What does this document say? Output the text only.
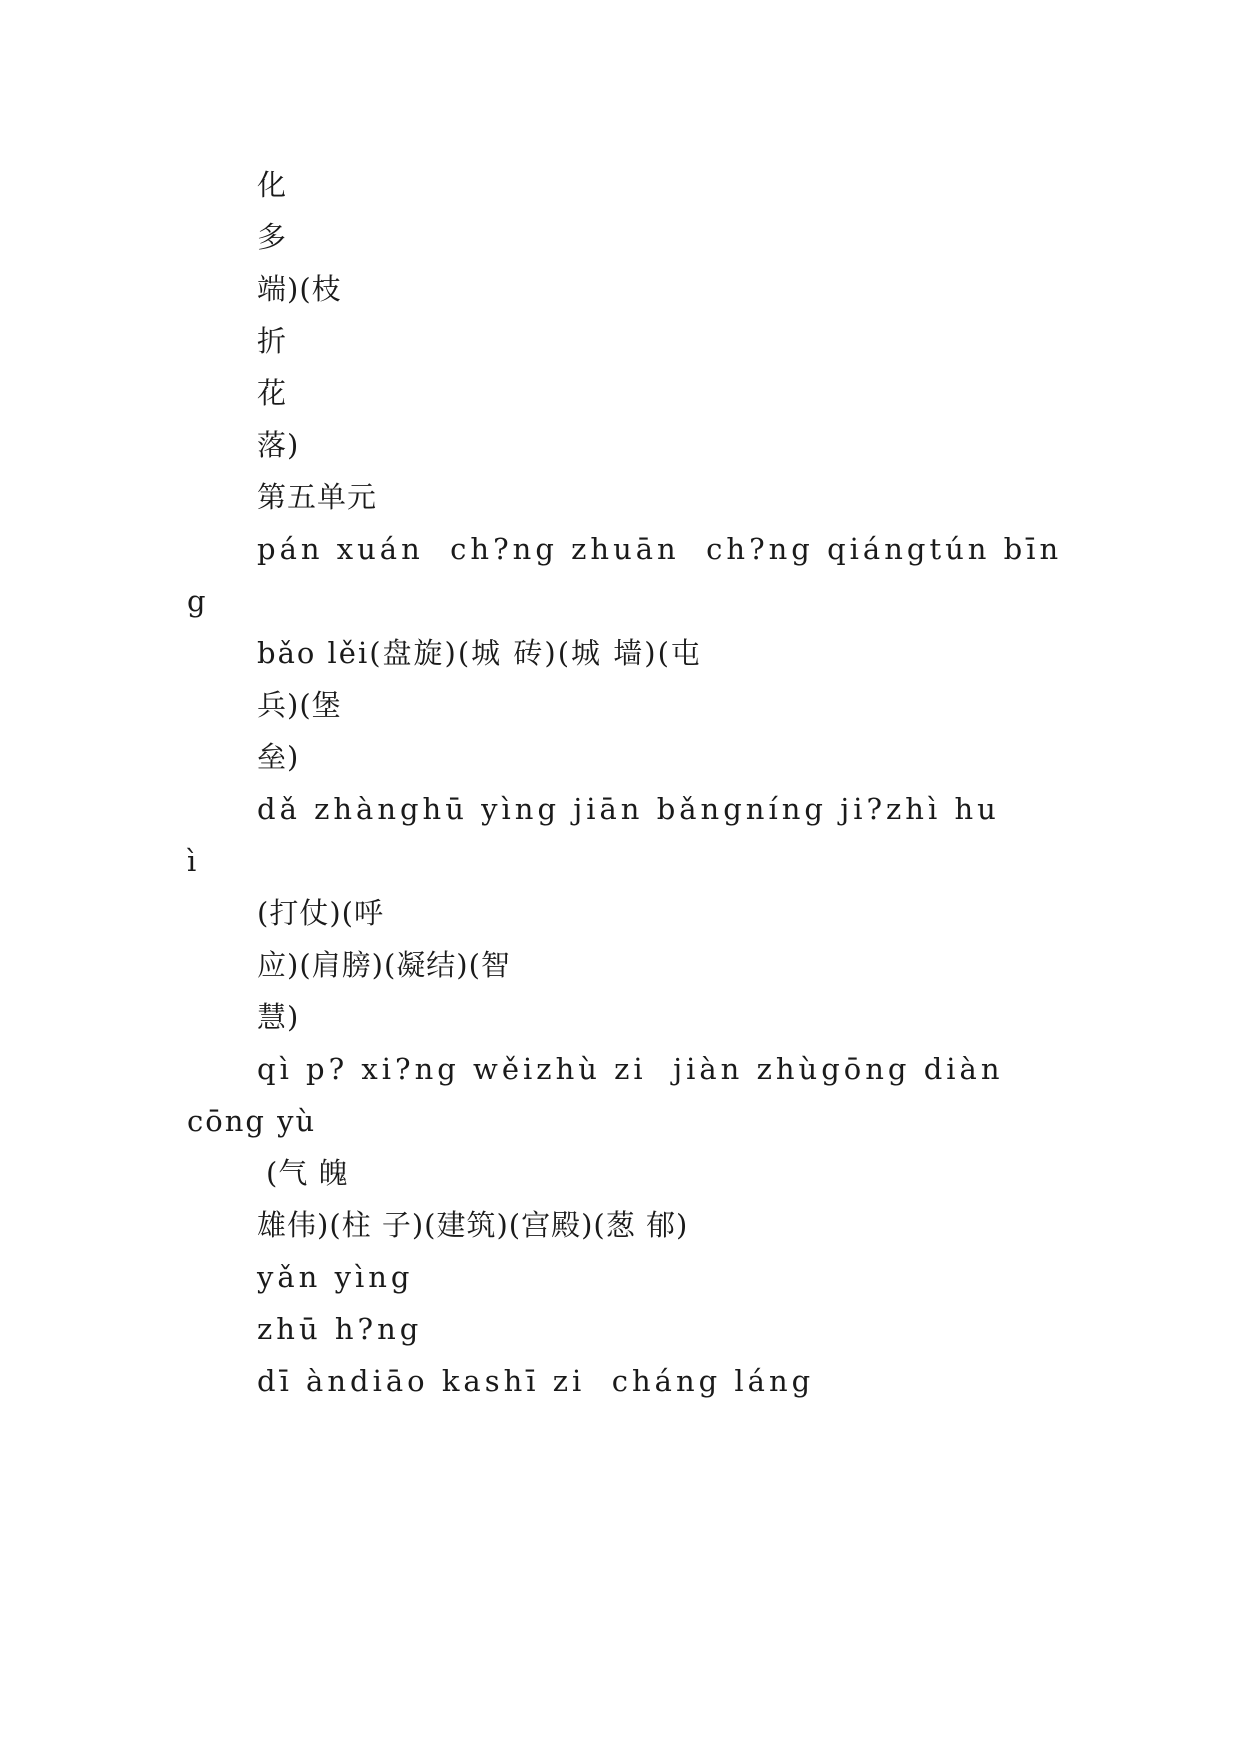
化
多
端)(枝
折
花
落)
第五单元
pán xuán  ch?ng zhuān  ch?ng qiángtún bīn
g
bǎo lěi(盘旋)(城 砖)(城 墙)(屯
兵)(堡
垒)
dǎ zhànghū yìng jiān bǎngníng ji?zhì hu
ì
(打仗)(呼
应)(肩膀)(凝结)(智
慧)
qì p? xi?ng wěizhù zi  jiàn zhùgōng diàn
cōng yù
(气 魄
雄伟)(柱 子)(建筑)(宫殿)(葱 郁)
yǎn yìng
zhū h?ng
dī àndiāo kashī zi  cháng láng
